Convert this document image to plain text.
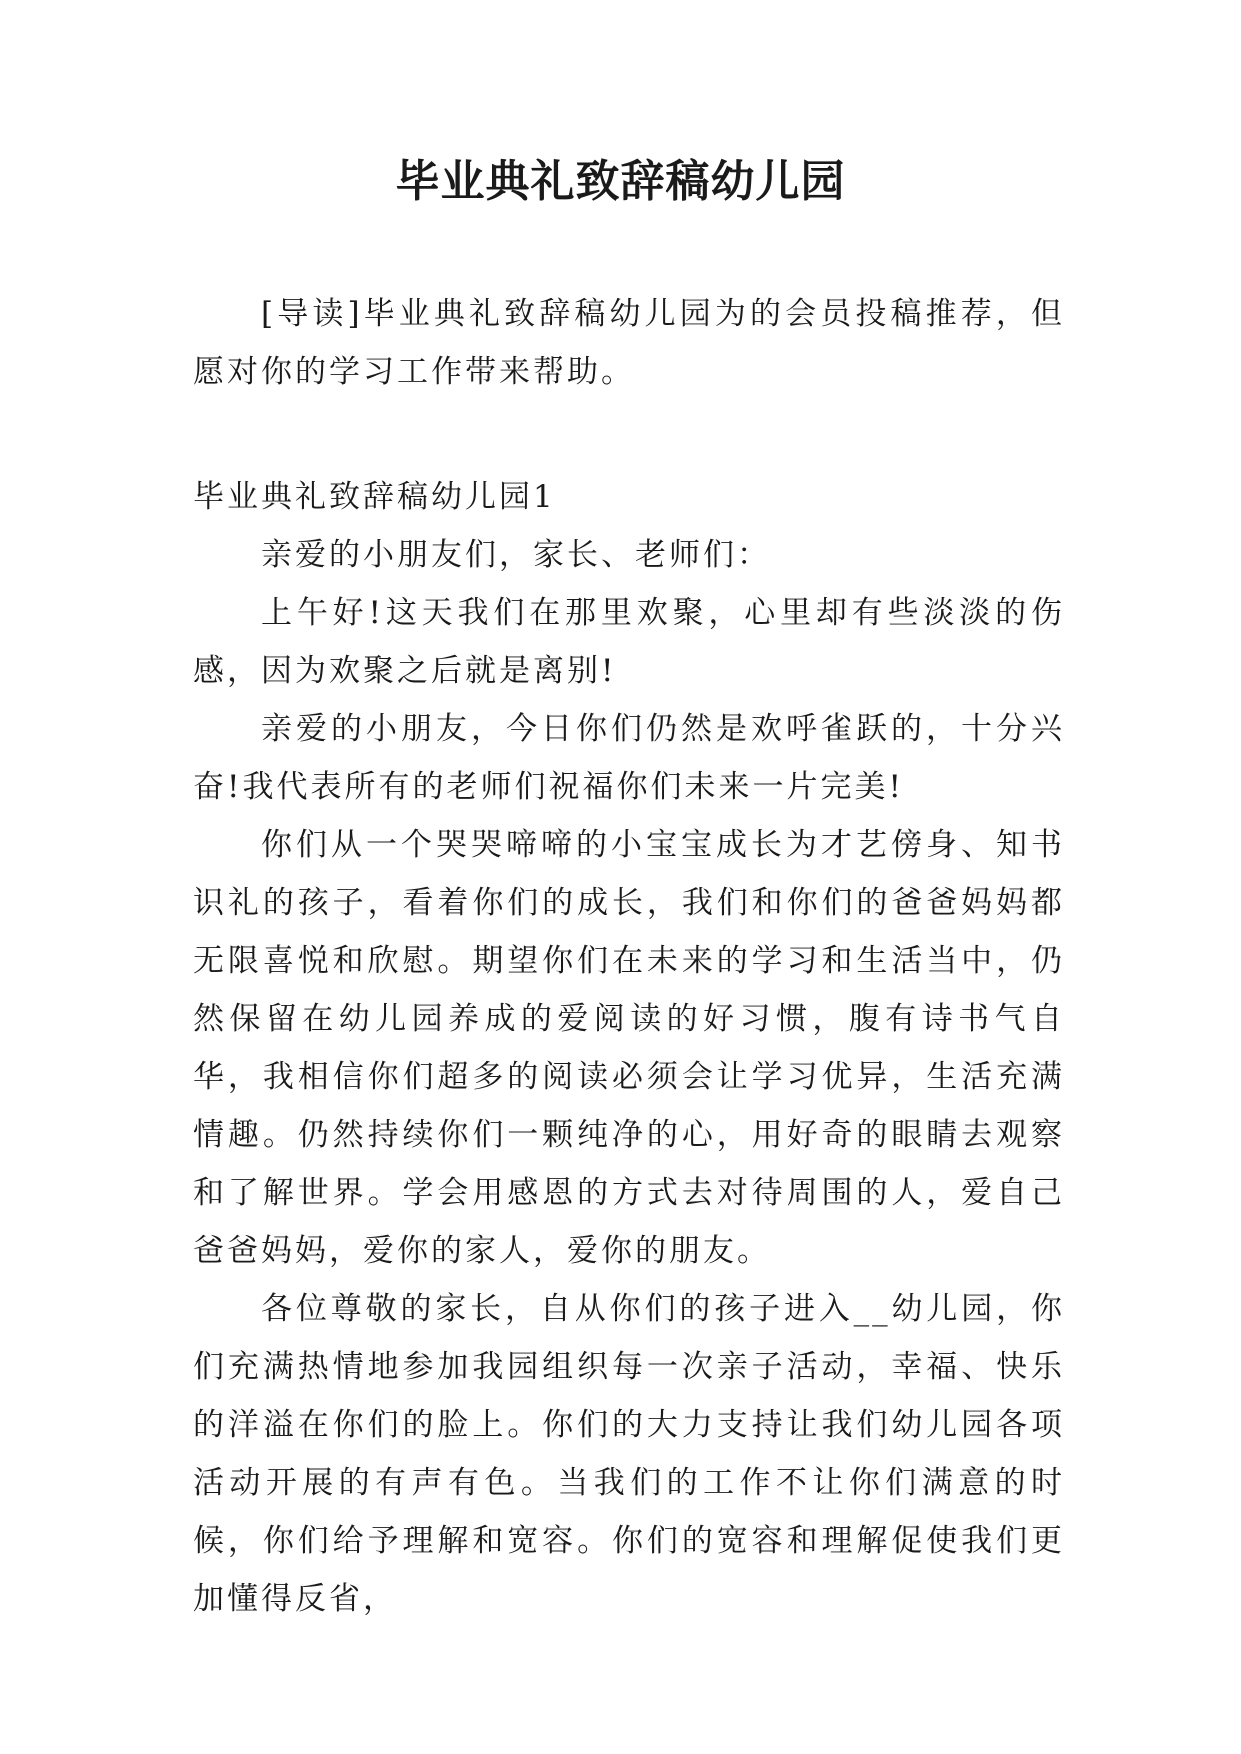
毕业典礼致辞稿幼儿园

[导读]毕业典礼致辞稿幼儿园为的会员投稿推荐，但愿对你的学习工作带来帮助。

毕业典礼致辞稿幼儿园1

亲爱的小朋友们，家长、老师们：

上午好!这天我们在那里欢聚，心里却有些淡淡的伤感，因为欢聚之后就是离别!

亲爱的小朋友，今日你们仍然是欢呼雀跃的，十分兴奋!我代表所有的老师们祝福你们未来一片完美!

你们从一个哭哭啼啼的小宝宝成长为才艺傍身、知书识礼的孩子，看着你们的成长，我们和你们的爸爸妈妈都无限喜悦和欣慰。期望你们在未来的学习和生活当中，仍然保留在幼儿园养成的爱阅读的好习惯，腹有诗书气自华，我相信你们超多的阅读必须会让学习优异，生活充满情趣。仍然持续你们一颗纯净的心，用好奇的眼睛去观察和了解世界。学会用感恩的方式去对待周围的人，爱自己爸爸妈妈，爱你的家人，爱你的朋友。

各位尊敬的家长，自从你们的孩子进入__幼儿园，你们充满热情地参加我园组织每一次亲子活动，幸福、快乐的洋溢在你们的脸上。你们的大力支持让我们幼儿园各项活动开展的有声有色。当我们的工作不让你们满意的时候，你们给予理解和宽容。你们的宽容和理解促使我们更加懂得反省，
